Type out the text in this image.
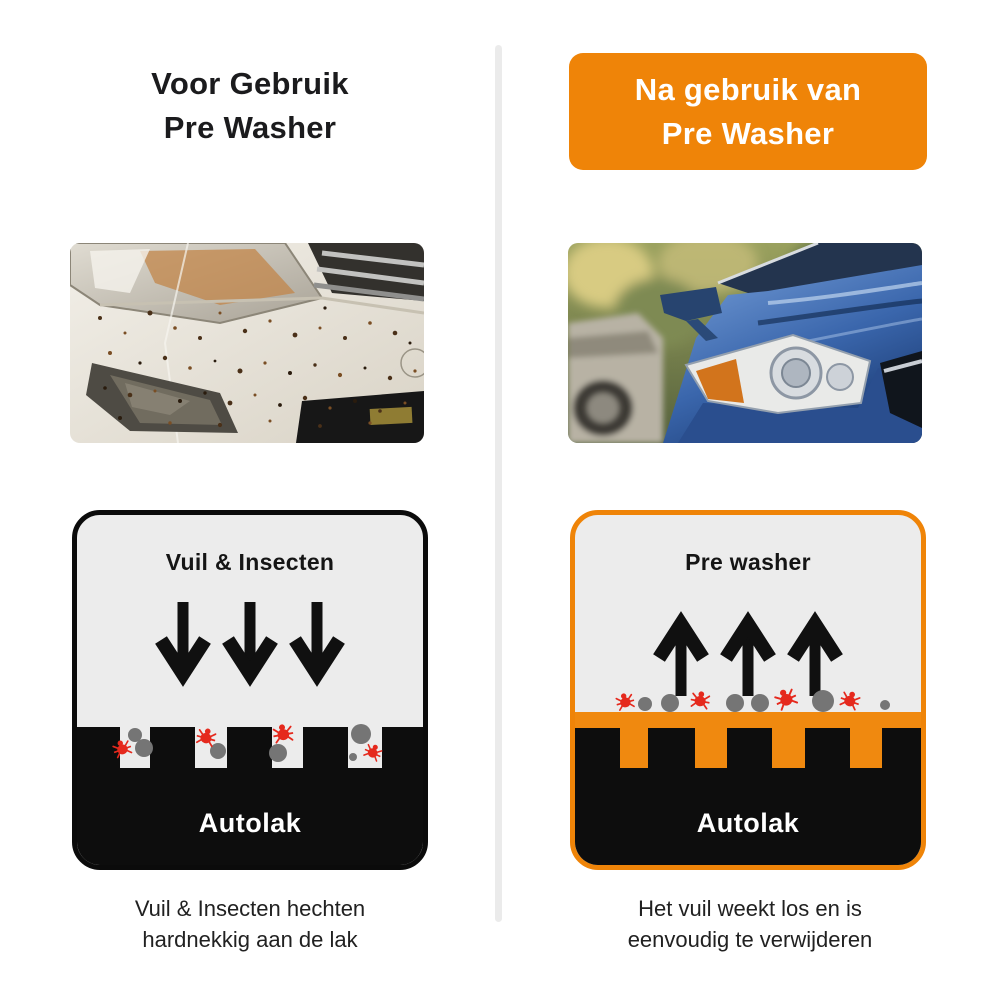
Voor Gebruik
Pre Washer
Vuil & Insecten
Autolak

Vuil & Insecten hechten
hardnekkig aan de lak

Na gebruik van
Pre Washer
Pre washer
Autolak

Het vuil weekt los en is
eenvoudig te verwijderen
